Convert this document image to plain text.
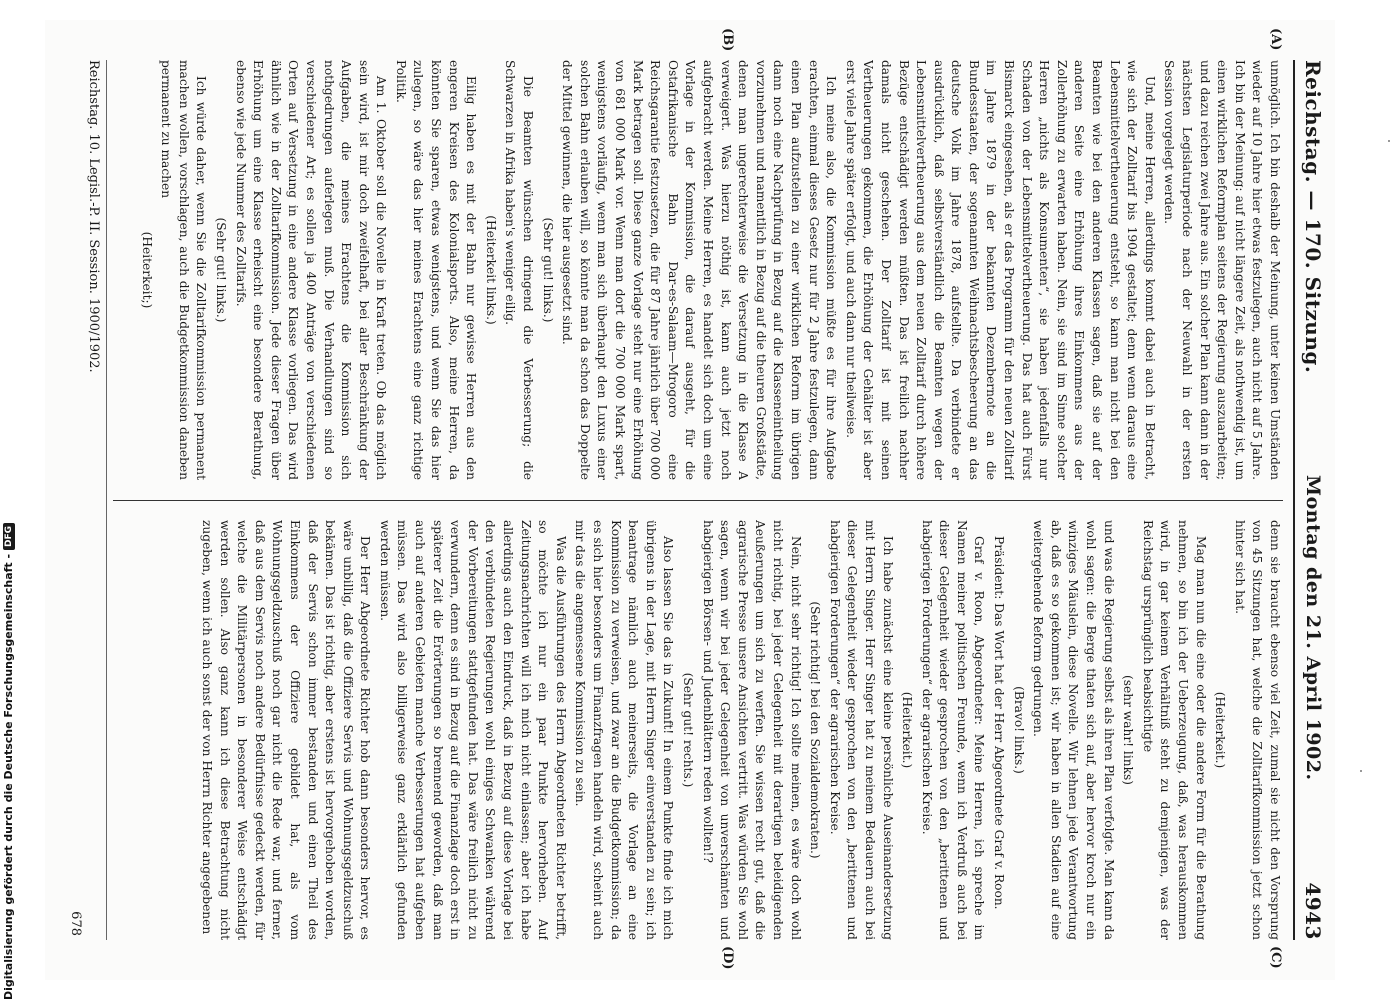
Reichstag. — 170. Sitzung.
Montag den 21. April 1902.
4943
(A)
(B)
(C)
(D)

unmöglich. Ich bin deshalb der Meinung, unter keinen Umständen wieder auf 10 Jahre hier etwas festzulegen, auch nicht auf 5 Jahre. Ich bin der Meinung: auf nicht längere Zeit, als nothwendig ist, um einen wirklichen Reformplan seitens der Regierung auszuarbeiten; und dazu reichen zwei Jahre aus. Ein solcher Plan kann dann in der nächsten Legislaturperiode nach der Neuwahl in der ersten Session vorgelegt werden.

Und, meine Herren, allerdings kommt dabei auch in Betracht, wie sich der Zolltarif bis 1904 gestaltet; denn wenn daraus eine Lebensmittelvertheuerung entsteht, so kann man nicht bei den Beamten wie bei den anderen Klassen sagen, daß sie auf der anderen Seite eine Erhöhung ihres Einkommens aus der Zollerhöhung zu erwarten haben. Nein, sie sind im Sinne solcher Herren „nichts als Konsumenten“, sie haben jedenfalls nur Schaden von der Lebensmittelvertheuerung. Das hat auch Fürst Bismarck eingesehen, als er das Programm für den neuen Zolltarif im Jahre 1879 in der bekannten Dezembernote an die Bundesstaaten, der sogenannten Weihnachtsbescheerung an das deutsche Volk im Jahre 1878, aufstellte. Da verbindete er ausdrücklich, daß selbstverständlich die Beamten wegen der Lebensmittelvertheuerung aus dem neuen Zolltarif durch höhere Bezüge entschädigt werden müßten. Das ist freilich nachher damals nicht geschehen. Der Zolltarif ist mit seinen Vertheuerungen gekommen, die Erhöhung der Gehälter ist aber erst viele Jahre später erfolgt, und auch dann nur theilweise.

Ich meine also, die Kommission müßte es für ihre Aufgabe erachten, einmal dieses Gesetz nur für 2 Jahre festzulegen, dann einen Plan aufzustellen zu einer wirklichen Reform im übrigen dann noch eine Nachprüfung in Bezug auf die Klasseneintheilung vorzunehmen und namentlich in Bezug auf die theuren Großstädte, denen man ungerechterweise die Versetzung in die Klasse A verweigert. Was hierzu nöthig ist, kann auch jetzt noch aufgebracht werden. Meine Herren, es handelt sich doch um eine Vorlage in der Kommission, die darauf ausgeht, für die Ostafrikanische Bahn Dar-es-Salaam—Mrogoro eine Reichsgarantie festzusetzen, die für 87 Jahre jährlich über 700 000 Mark betragen soll. Diese ganze Vorlage steht nur eine Erhöhung von 681 000 Mark vor. Wenn man dort die 700 000 Mark spart, wenigstens vorläufig, wenn man sich überhaupt den Luxus einer solchen Bahn erlauben will, so könnte man da schon das Doppelte der Mittel gewinnen, die hier ausgesetzt sind.

(Sehr gut! links.)

Die Beamten wünschen dringend die Verbesserung; die Schwarzen in Afrika haben's weniger eilig.

(Heiterkeit links.)

Eilig haben es mit der Bahn nur gewisse Herren aus den engeren Kreisen des Kolonialsports. Also, meine Herren, da könnten Sie sparen, etwas wenigstens, und wenn Sie das hier zulegen, so wäre das hier meines Erachtens eine ganz richtige Politik.

Am 1. Oktober soll die Novelle in Kraft treten. Ob das möglich sein wird, ist mir doch zweifelhaft, bei aller Beschränkung der Aufgaben, die meines Erachtens die Kommission sich nothgedrungen auferlegen muß. Die Verhandlungen sind so verschiedener Art; es sollen ja 400 Anträge von verschiedenen Orten auf Versetzung in eine andere Klasse vorliegen. Das wird ähnlich wie in der Zolltarifkommission. Jede dieser Fragen über Erhöhung um eine Klasse erheischt eine besondere Berathung, ebenso wie jede Nummer des Zolltarifs.

(Sehr gut! links.)

Ich würde daher, wenn Sie die Zolltarifkommission permanent machen wollen, vorschlagen, auch die Budgetkommission daneben permanent zu machen

(Heiterkeit;)

denn sie braucht ebenso viel Zeit, zumal sie nicht den Vorsprung von 45 Sitzungen hat, welche die Zolltarifkommission jetzt schon hinter sich hat.

(Heiterkeit.)

Mag man nun die eine oder die andere Form für die Berathung nehmen, so bin ich der Ueberzeugung, daß, was herauskommen wird, in gar keinem Verhältniß steht zu demjenigen, was der Reichstag ursprünglich beabsichtigte

(sehr wahr! links)

und was die Regierung selbst als ihren Plan verfolgte. Man kann da wohl sagen: die Berge thaten sich auf, aber hervor kroch nur ein winziges Mäuslein, diese Novelle. Wir lehnen jede Verantwortung ab, daß es so gekommen ist; wir haben in allen Stadien auf eine weitergehende Reform gedrungen.

(Bravo! links.)

Präsident: Das Wort hat der Herr Abgeordnete Graf v. Roon.

Graf v. Roon, Abgeordneter: Meine Herren, ich spreche im Namen meiner politischen Freunde, wenn ich Verdruß auch bei dieser Gelegenheit wieder gesprochen von den „berittenen und habgierigen Forderungen“ der agrarischen Kreise.

(Heiterkeit.)

Ich habe zunächst eine kleine persönliche Auseinandersetzung mit Herrn Singer. Herr Singer hat zu meinem Bedauern auch bei dieser Gelegenheit wieder gesprochen von den „berittenen und habgierigen Forderungen“ der agrarischen Kreise.

(Sehr richtig! bei den Sozialdemokraten.)

Nein, nicht sehr richtig! Ich sollte meinen, es wäre doch wohl nicht richtig, bei jeder Gelegenheit mit derartigen beleidigenden Aeußerungen um sich zu werfen. Sie wissen recht gut, daß die agrarische Presse unsere Ansichten vertritt. Was würden Sie wohl sagen, wenn wir bei jeder Gelegenheit von unverschämten und habgierigen Börsen- und Judenblättern reden wollten!?

(Sehr gut! rechts.)

Also lassen Sie das in Zukunft! In einem Punkte finde ich mich übrigens in der Lage, mit Herrn Singer einverstanden zu sein; ich beantrage nämlich auch meinerseits, die Vorlage an eine Kommission zu verweisen, und zwar an die Budgetkommission; da es sich hier besonders um Finanzfragen handeln wird, scheint auch mir das die angemessene Kommission zu sein.

Was die Ausführungen des Herrn Abgeordneten Richter betrifft, so möchte ich nur ein paar Punkte hervorheben. Auf Zeitungsnachrichten will ich mich nicht einlassen; aber ich habe allerdings auch den Eindruck, daß in Bezug auf diese Vorlage bei den verbündeten Regierungen wohl einiges Schwanken während der Vorbereitungen stattgefunden hat. Das wäre freilich nicht zu verwundern, denn es sind in Bezug auf die Finanzlage doch erst in späterer Zeit die Erörterungen so brennend geworden, daß man auch auf anderen Gebieten manche Verbesserungen hat aufgeben müssen. Das wird also billigerweise ganz erklärlich gefunden werden müssen.

Der Herr Abgeordnete Richter hob dann besonders hervor, es wäre unbillig, daß die Offiziere Servis und Wohnungsgeldzuschuß bekämen. Das ist richtig, aber erstens ist hervorgehoben worden, daß der Servis schon immer bestanden und einen Theil des Einkommens der Offiziere gebildet hat, als vom Wohnungsgeldzuschuß noch gar nicht die Rede war, und ferner, daß aus dem Servis noch andere Bedürfnisse gedeckt werden, für welche die Militärpersonen in besonderer Weise entschädigt werden sollen. Also ganz kann ich diese Betrachtung nicht zugeben, wenn ich auch sonst der von Herrn Richter angegebenen

Reichstag. 10. Legisl.-P. II. Session. 1900/1902.
678
Digitalisierung gefördert durch die Deutsche Forschungsgemeinschaft -
DFG
